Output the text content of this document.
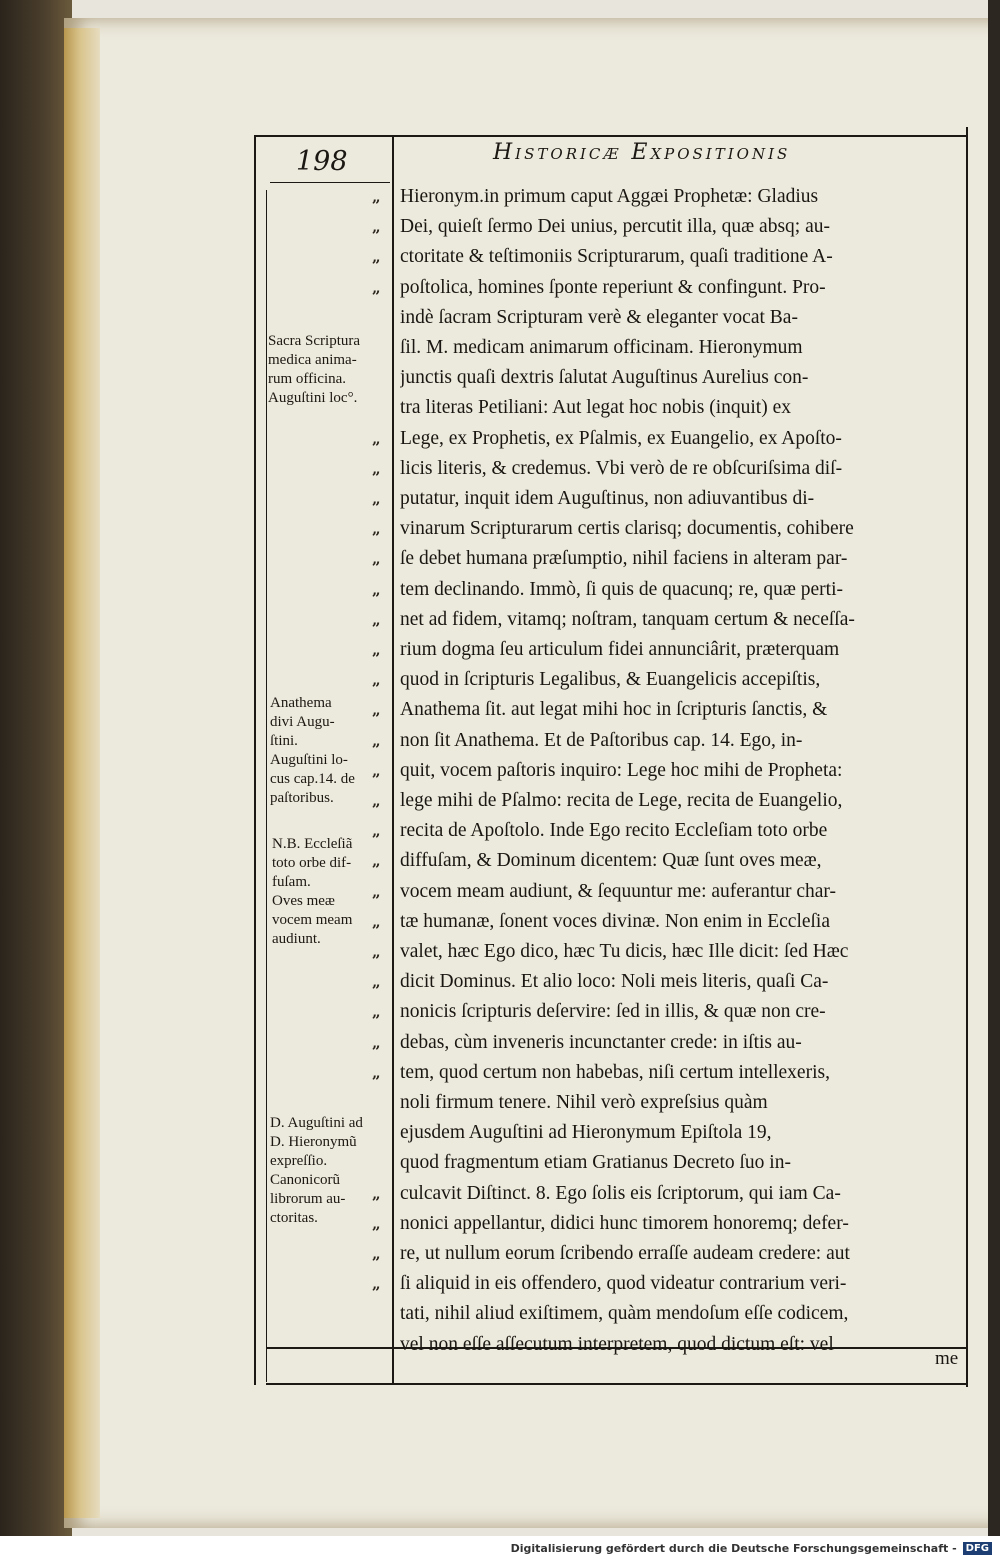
198	Historicæ Expositionis
Hieronym.in primum caput Aggæi Prophetæ: Gladius
Dei, quieſt ſermo Dei unius, percutit illa, quæ absq; au-
ctoritate & teſtimoniis Scripturarum, quaſi traditione A-
poſtolica, homines ſponte reperiunt & confingunt. Pro-
indè ſacram Scripturam verè & eleganter vocat Ba-
ſil. M. medicam animarum officinam. Hieronymum
junctis quaſi dextris ſalutat Auguſtinus Aurelius con-
tra literas Petiliani: Aut legat hoc nobis (inquit) ex
Lege, ex Prophetis, ex Pſalmis, ex Euangelio, ex Apoſto-
licis literis, & credemus. Vbi verò de re obſcuriſsima diſ-
putatur, inquit idem Auguſtinus, non adiuvantibus di-
vinarum Scripturarum certis clarisq; documentis, cohibere
ſe debet humana præſumptio, nihil faciens in alteram par-
tem declinando. Immò, ſi quis de quacunq; re, quæ perti-
net ad fidem, vitamq; noſtram, tanquam certum & neceſſa-
rium dogma ſeu articulum fidei annunciârit, præterquam
quod in ſcripturis Legalibus, & Euangelicis accepiſtis,
Anathema ſit. aut legat mihi hoc in ſcripturis ſanctis, &
non ſit Anathema. Et de Paſtoribus cap. 14. Ego, in-
quit, vocem paſtoris inquiro: Lege hoc mihi de Propheta:
lege mihi de Pſalmo: recita de Lege, recita de Euangelio,
recita de Apoſtolo. Inde Ego recito Eccleſiam toto orbe
diffuſam, & Dominum dicentem: Quæ ſunt oves meæ,
vocem meam audiunt, & ſequuntur me: auferantur char-
tæ humanæ, ſonent voces divinæ. Non enim in Eccleſia
valet, hæc Ego dico, hæc Tu dicis, hæc Ille dicit: ſed Hæc
dicit Dominus. Et alio loco: Noli meis literis, quaſi Ca-
nonicis ſcripturis deſervire: ſed in illis, & quæ non cre-
debas, cùm inveneris incunctanter crede: in iſtis au-
tem, quod certum non habebas, niſi certum intellexeris,
noli firmum tenere. Nihil verò expreſsius quàm
ejusdem Auguſtini ad Hieronymum Epiſtola 19,
quod fragmentum etiam Gratianus Decreto ſuo in-
culcavit Diſtinct. 8. Ego ſolis eis ſcriptorum, qui iam Ca-
nonici appellantur, didici hunc timorem honoremq; defer-
re, ut nullum eorum ſcribendo erraſſe audeam credere: aut
ſi aliquid in eis offendero, quod videatur contrarium veri-
tati, nihil aliud exiſtimem, quàm mendoſum eſſe codicem,
vel non eſſe aſſecutum interpretem, quod dictum eſt: vel
me
„
„
„
„
„
„
„
„
„
„
„
„
„
„
„
„
„
„
„
„
„
„
„
„
„
„
„
„
„
„
Sacra Scriptura
medica anima-
rum officina.
Auguſtini loc°.
Anathema
divi Augu-
ſtini.
Auguſtini lo-
cus cap.14. de
paſtoribus.
N.B. Eccleſiã
toto orbe dif-
fuſam.
Oves meæ
vocem meam
audiunt.
D. Auguſtini ad
D. Hieronymũ
expreſſio.
Canonicorũ
librorum au-
ctoritas.
Digitalisierung gefördert durch die Deutsche Forschungsgemeinschaft - DFG
